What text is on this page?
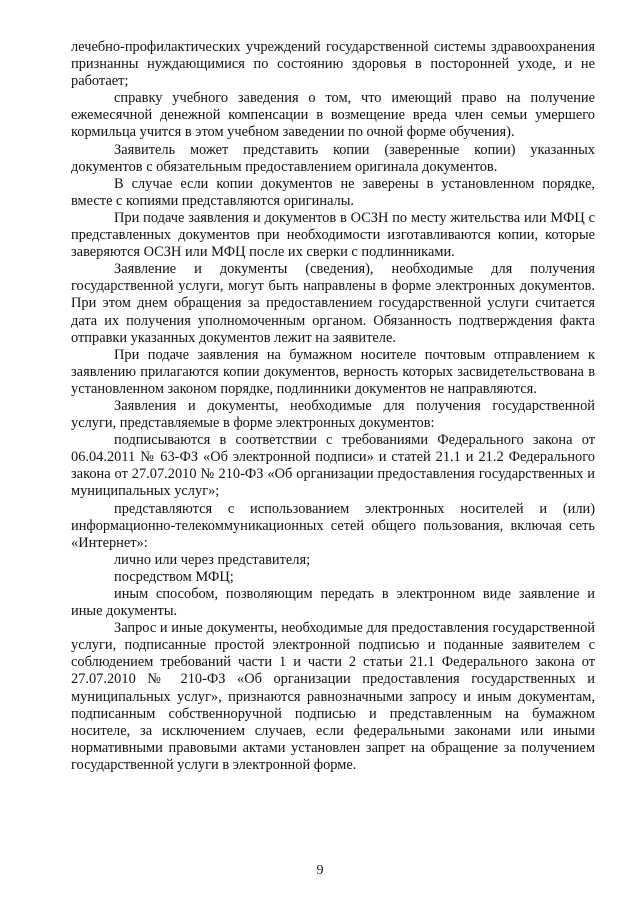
лечебно-профилактических учреждений государственной системы здравоохранения признанны нуждающимися по состоянию здоровья в посторонней уходе, и не работает;

справку учебного заведения о том, что имеющий право на получение ежемесячной денежной компенсации в возмещение вреда член семьи умершего кормильца учится в этом учебном заведении по очной форме обучения).

Заявитель может представить копии (заверенные копии) указанных документов с обязательным предоставлением оригинала документов.

В случае если копии документов не заверены в установленном порядке, вместе с копиями представляются оригиналы.

При подаче заявления и документов в ОСЗН по месту жительства или МФЦ с представленных документов при необходимости изготавливаются копии, которые заверяются ОСЗН или МФЦ после их сверки с подлинниками.

Заявление и документы (сведения), необходимые для получения государственной услуги, могут быть направлены в форме электронных документов. При этом днем обращения за предоставлением государственной услуги считается дата их получения уполномоченным органом. Обязанность подтверждения факта отправки указанных документов лежит на заявителе.

При подаче заявления на бумажном носителе почтовым отправлением к заявлению прилагаются копии документов, верность которых засвидетельствована в установленном законом порядке, подлинники документов не направляются.

Заявления и документы, необходимые для получения государственной услуги, представляемые в форме электронных документов:

подписываются в соответствии с требованиями Федерального закона от 06.04.2011 № 63-ФЗ «Об электронной подписи» и статей 21.1 и 21.2 Федерального закона от 27.07.2010 № 210-ФЗ «Об организации предоставления государственных и муниципальных услуг»;

представляются с использованием электронных носителей и (или) информационно-телекоммуникационных сетей общего пользования, включая сеть «Интернет»:

лично или через представителя;

посредством МФЦ;

иным способом, позволяющим передать в электронном виде заявление и иные документы.

Запрос и иные документы, необходимые для предоставления государственной услуги, подписанные простой электронной подписью и поданные заявителем с соблюдением требований части 1 и части 2 статьи 21.1 Федерального закона от 27.07.2010 № 210-ФЗ «Об организации предоставления государственных и муниципальных услуг», признаются равнозначными запросу и иным документам, подписанным собственноручной подписью и представленным на бумажном носителе, за исключением случаев, если федеральными законами или иными нормативными правовыми актами установлен запрет на обращение за получением государственной услуги в электронной форме.

9
